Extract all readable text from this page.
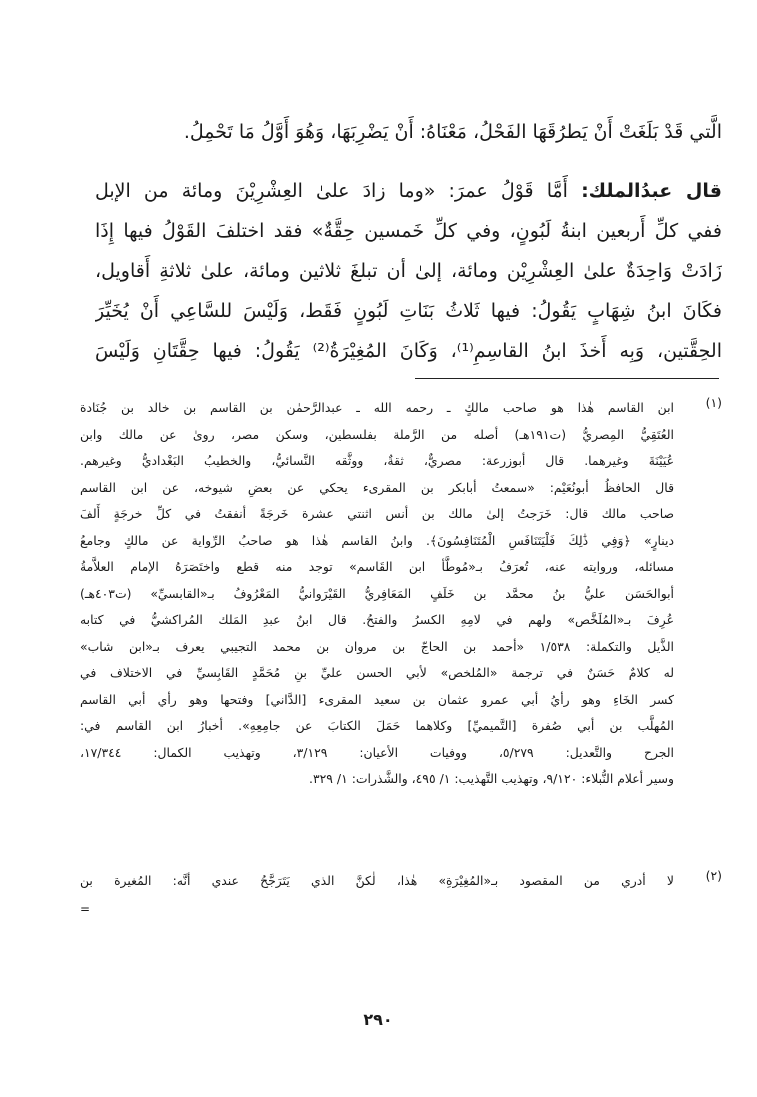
الَّتي قَدْ بَلَغَتْ أَنْ يَطرُقَهَا الفَحْلُ، مَعْنَاهُ: أَنْ يَضْرِبَهَا، وَهُوَ أَوَّلُ مَا تَحْمِلُ.
قال عبدُالملك: أَمَّا قَوْلُ عمرَ: «وما زادَ علىٰ العِشْرِيْنَ ومائة من الإبل
ففي كلِّ أَربعين ابنةُ لَبُونٍ، وفي كلِّ خَمسين حِقَّةٌ» فقد اختلفَ القَوْلُ فيها إِذَا
زَادَتْ وَاحِدَةٌ علىٰ العِشْرِيْن ومائة، إلىٰ أن تبلغَ ثلاثين ومائة، علىٰ ثلاثةِ أَقاويل،
فكَانَ ابنُ شِهَابٍ يَقُولُ: فيها ثَلاثُ بَنَاتِ لَبُونٍ فَقَط، وَلَيْسَ للسَّاعِي أَنْ يُخَيِّرَ
الحِقَّتين، وَبِه أَخذَ ابنُ القاسِمِ⁽¹⁾، وَكَانَ المُغِيْرَةُ⁽²⁾ يَقُولُ: فيها حِقَّتَانِ وَلَيْسَ
(١)
ابن القاسم هٰذا هو صاحب مالكٍ ـ رحمه الله ـ عبدالرَّحمٰن بن القاسم بن خالد بن جُنَادة
العُتَقِيُّ المِصريُّ (ت١٩١هـ) أصله من الرَّملة بفلسطين، وسكن مصر، روىٰ عن مالك وابن
عُيَيْنَةَ وغيرهما. قال أبوزرعة: مصريٌّ، ثقةٌ، ووثَّقه النَّسائيُّ، والخطيبُ البَغْداديُّ وغيرهم.
قال الحافظُ أبونُعَيْم: «سمعتُ أبابكر بن المقرىء يحكي عن بعضِ شيوخه، عن ابن القاسم
صاحب مالك قال: خَرَجتُ إلىٰ مالك بن أنس اثنتي عشرة خَرجَةً أنفقتُ في كلِّ خرجَةٍ أَلفَ
دينارٍ» ﴿وَفِي ذَٰلِكَ فَلْيَتَنَافَسِ الْمُتَنَافِسُونَ﴾. وابنُ القاسم هٰذا هو صاحبُ الرِّواية عن مالكٍ وجامعُ
مسائله، وروايته عنه، تُعرَفُ بـ«مُوطَّأ ابن القَاسم» توجد منه قطع واختَصَرَهُ الإمام العلاَّمةُ
أبوالحَسَن عليُّ بنُ محمَّد بن خَلَفٍ المَعَافِريُّ القَيْرَوانيُّ المَعْرُوفُ بـ«القابسيِّ» (ت٤٠٣هـ)
عُرِفَ بـ«المُلَخَّص» ولهم في لامِهِ الكسرُ والفتحُ. قال ابنُ عبدِ المَلك المُراكشيُّ في كتابه
الذَّيل والتكملة: ١/٥٣٨ «أحمد بن الحاجّ بن مروان بن محمد التجيبي يعرف بـ«ابن شاب»
له كلامٌ حَسَنٌ في ترجمة «المُلخص» لأبي الحسن عليِّ بنِ مُحَمَّدٍ القَابِسيِّ في الاختلاف في
كسر الخَاءِ وهو رأيُ أبي عمرو عثمان بن سعيد المقرىء [الدَّاني] وفتحها وهو رأي أبي القاسم
المُهلَّب بن أبي صُفرة [التَّميميِّ] وكلاهما حَمَلَ الكتابَ عن جامِعِهِ». أخبارُ ابن القاسم في:
الجرح والتَّعديل: ٥/٢٧٩، ووفيات الأعيان: ٣/١٢٩، وتهذيب الكمال: ١٧/٣٤٤،
وسير أعلام النُّبلاء: ٩/١٢٠، وتهذيب التَّهذيب: ١/ ٤٩٥، والشَّذرات: ١/ ٣٢٩.
(٢)
لا أدري من المقصود بـ«المُغِيْرَةِ» هٰذا، لٰكنَّ الذي يَتَرَجَّحُ عندي أنَّه: المُغيرة بن
=
٢٩٠
